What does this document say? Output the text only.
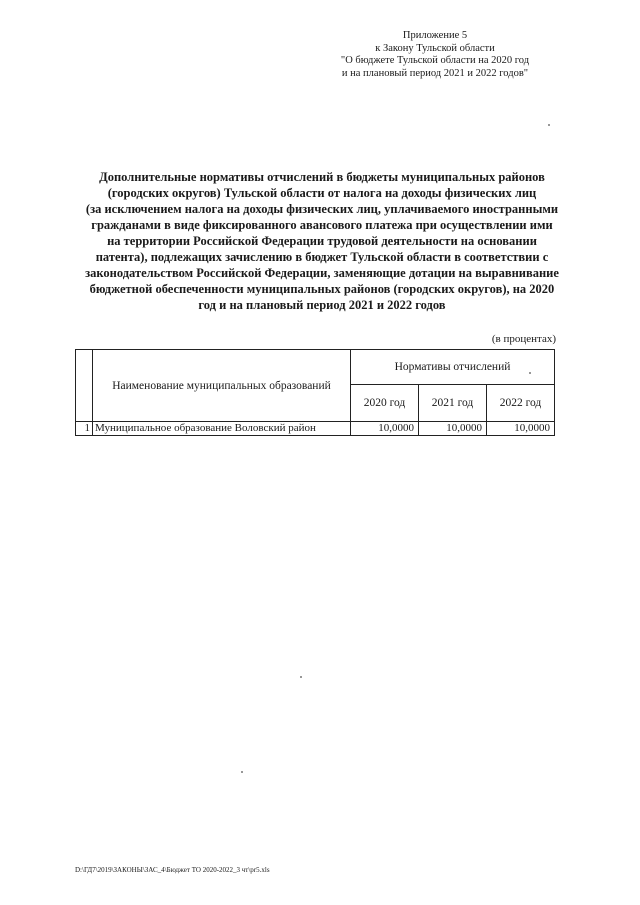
Приложение 5
к Закону Тульской области
"О бюджете Тульской области на 2020 год
и на плановый период 2021 и 2022 годов"
Дополнительные нормативы отчислений в бюджеты муниципальных районов
(городских округов) Тульской области от налога на доходы физических лиц
(за исключением налога на доходы физических лиц, уплачиваемого иностранными
гражданами в виде фиксированного авансового платежа при осуществлении ими
на территории Российской Федерации трудовой деятельности на основании
патента), подлежащих зачислению в бюджет Тульской области в соответствии с
законодательством Российской Федерации, заменяющие дотации на выравнивание
бюджетной обеспеченности муниципальных районов (городских округов), на 2020
год и на плановый период 2021 и 2022 годов
(в процентах)
	Наименование муниципальных образований	Нормативы отчислений		
		2020 год	2021 год	2022 год
1	Муниципальное образование Воловский район	10,0000	10,0000	10,0000
D:\ГД7\2019\ЗАКОНЫ\ЗАС_4\Бюджет ТО 2020-2022_3 чт\pr5.xls
